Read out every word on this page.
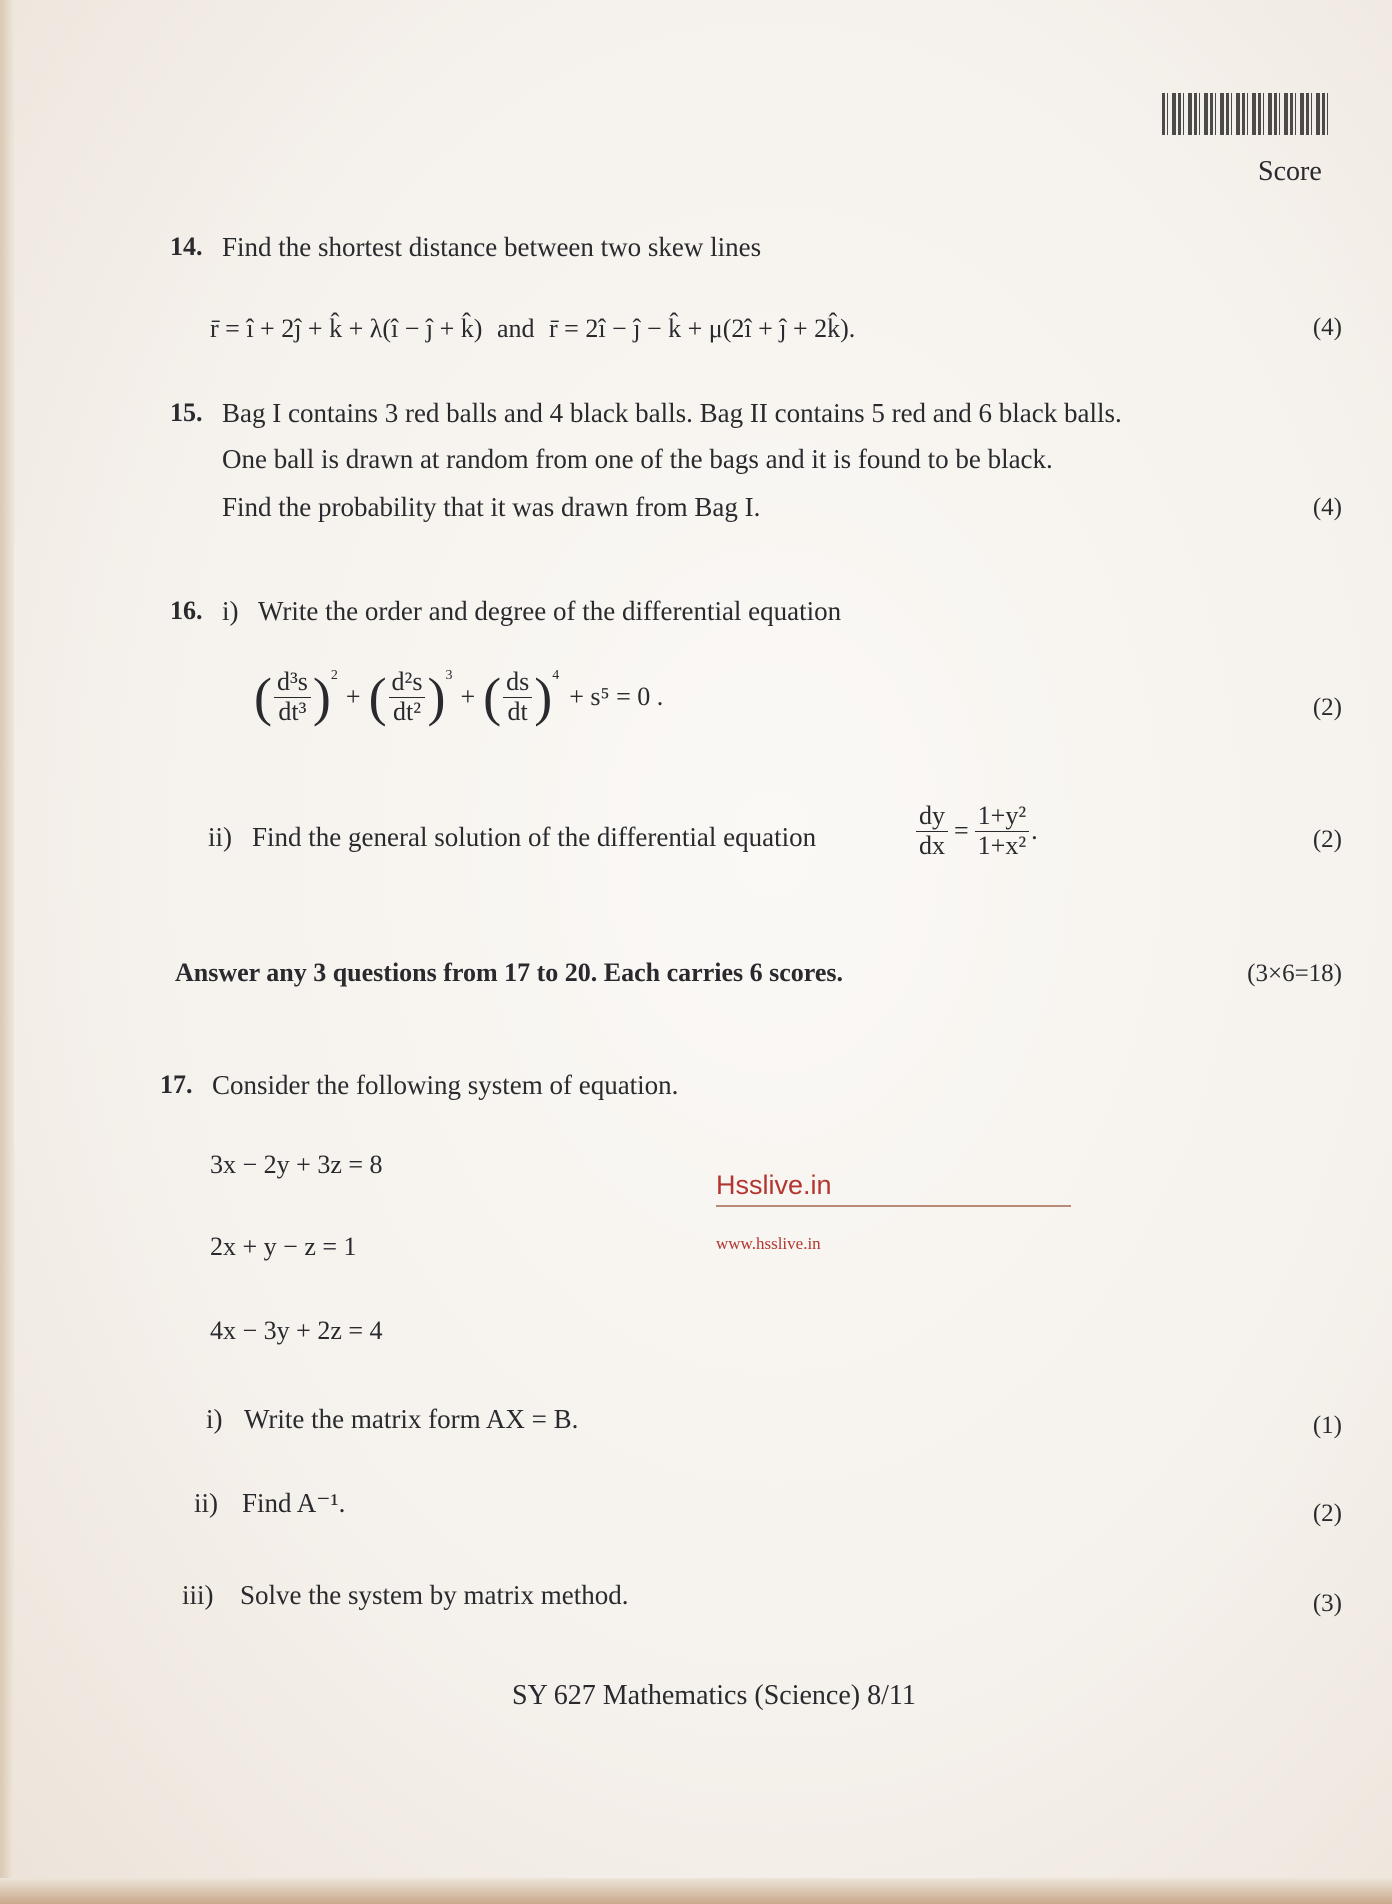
Score
14. Find the shortest distance between two skew lines
r̄ = î + 2ĵ + k̂ + λ(î − ĵ + k̂) and r̄ = 2î − ĵ − k̂ + μ(2î + ĵ + 2k̂).	(4)
15. Bag I contains 3 red balls and 4 black balls. Bag II contains 5 red and 6 black balls.
One ball is drawn at random from one of the bags and it is found to be black.
Find the probability that it was drawn from Bag I.	(4)
16. i) Write the order and degree of the differential equation
( $\frac{\text{d³s}}{\text{dt³}} )^2$
+ ( $\frac{\text{d²s}}{\text{dt²}} )^3$
+ ( $\frac{ds}{dt} )^4$
+ s⁵ = 0 .	(2)
ii) Find the general solution of the differential equation	$\frac{dy}{dx} = \frac{\text{1+y²}}{\text{1+x²}}$ .	(2)
Answer any 3 questions from 17 to 20. Each carries 6 scores.	(3×6=18)
17. Consider the following system of equation.
3x − 2y + 3z = 8
2x + y − z = 1
4x − 3y + 2z = 4
Hsslive.in
www.hsslive.in
i) Write the matrix form AX = B.	(1)
ii) Find A⁻¹.	(2)
iii) Solve the system by matrix method.	(3)
SY 627 Mathematics (Science) 8/11
